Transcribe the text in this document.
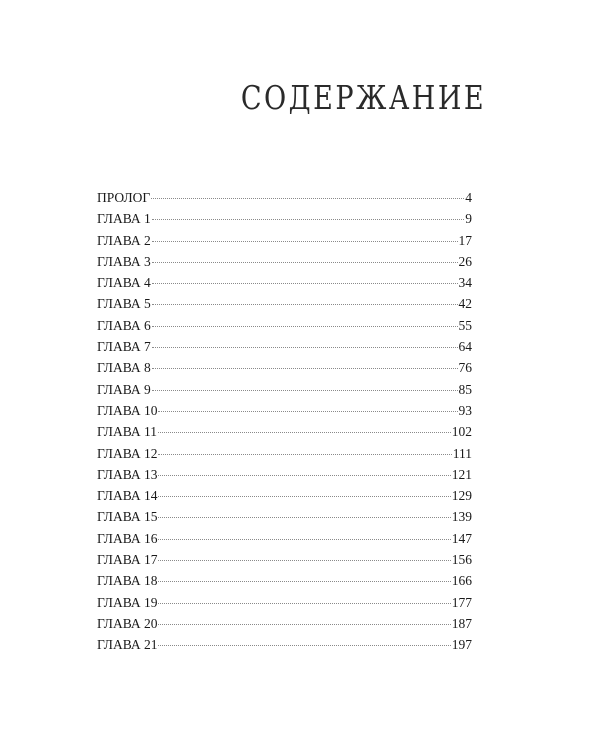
СОДЕРЖАНИЕ
ПРОЛОГ	4
ГЛАВА 1	9
ГЛАВА 2	17
ГЛАВА 3	26
ГЛАВА 4	34
ГЛАВА 5	42
ГЛАВА 6	55
ГЛАВА 7	64
ГЛАВА 8	76
ГЛАВА 9	85
ГЛАВА 10	93
ГЛАВА 11	102
ГЛАВА 12	111
ГЛАВА 13	121
ГЛАВА 14	129
ГЛАВА 15	139
ГЛАВА 16	147
ГЛАВА 17	156
ГЛАВА 18	166
ГЛАВА 19	177
ГЛАВА 20	187
ГЛАВА 21	197
